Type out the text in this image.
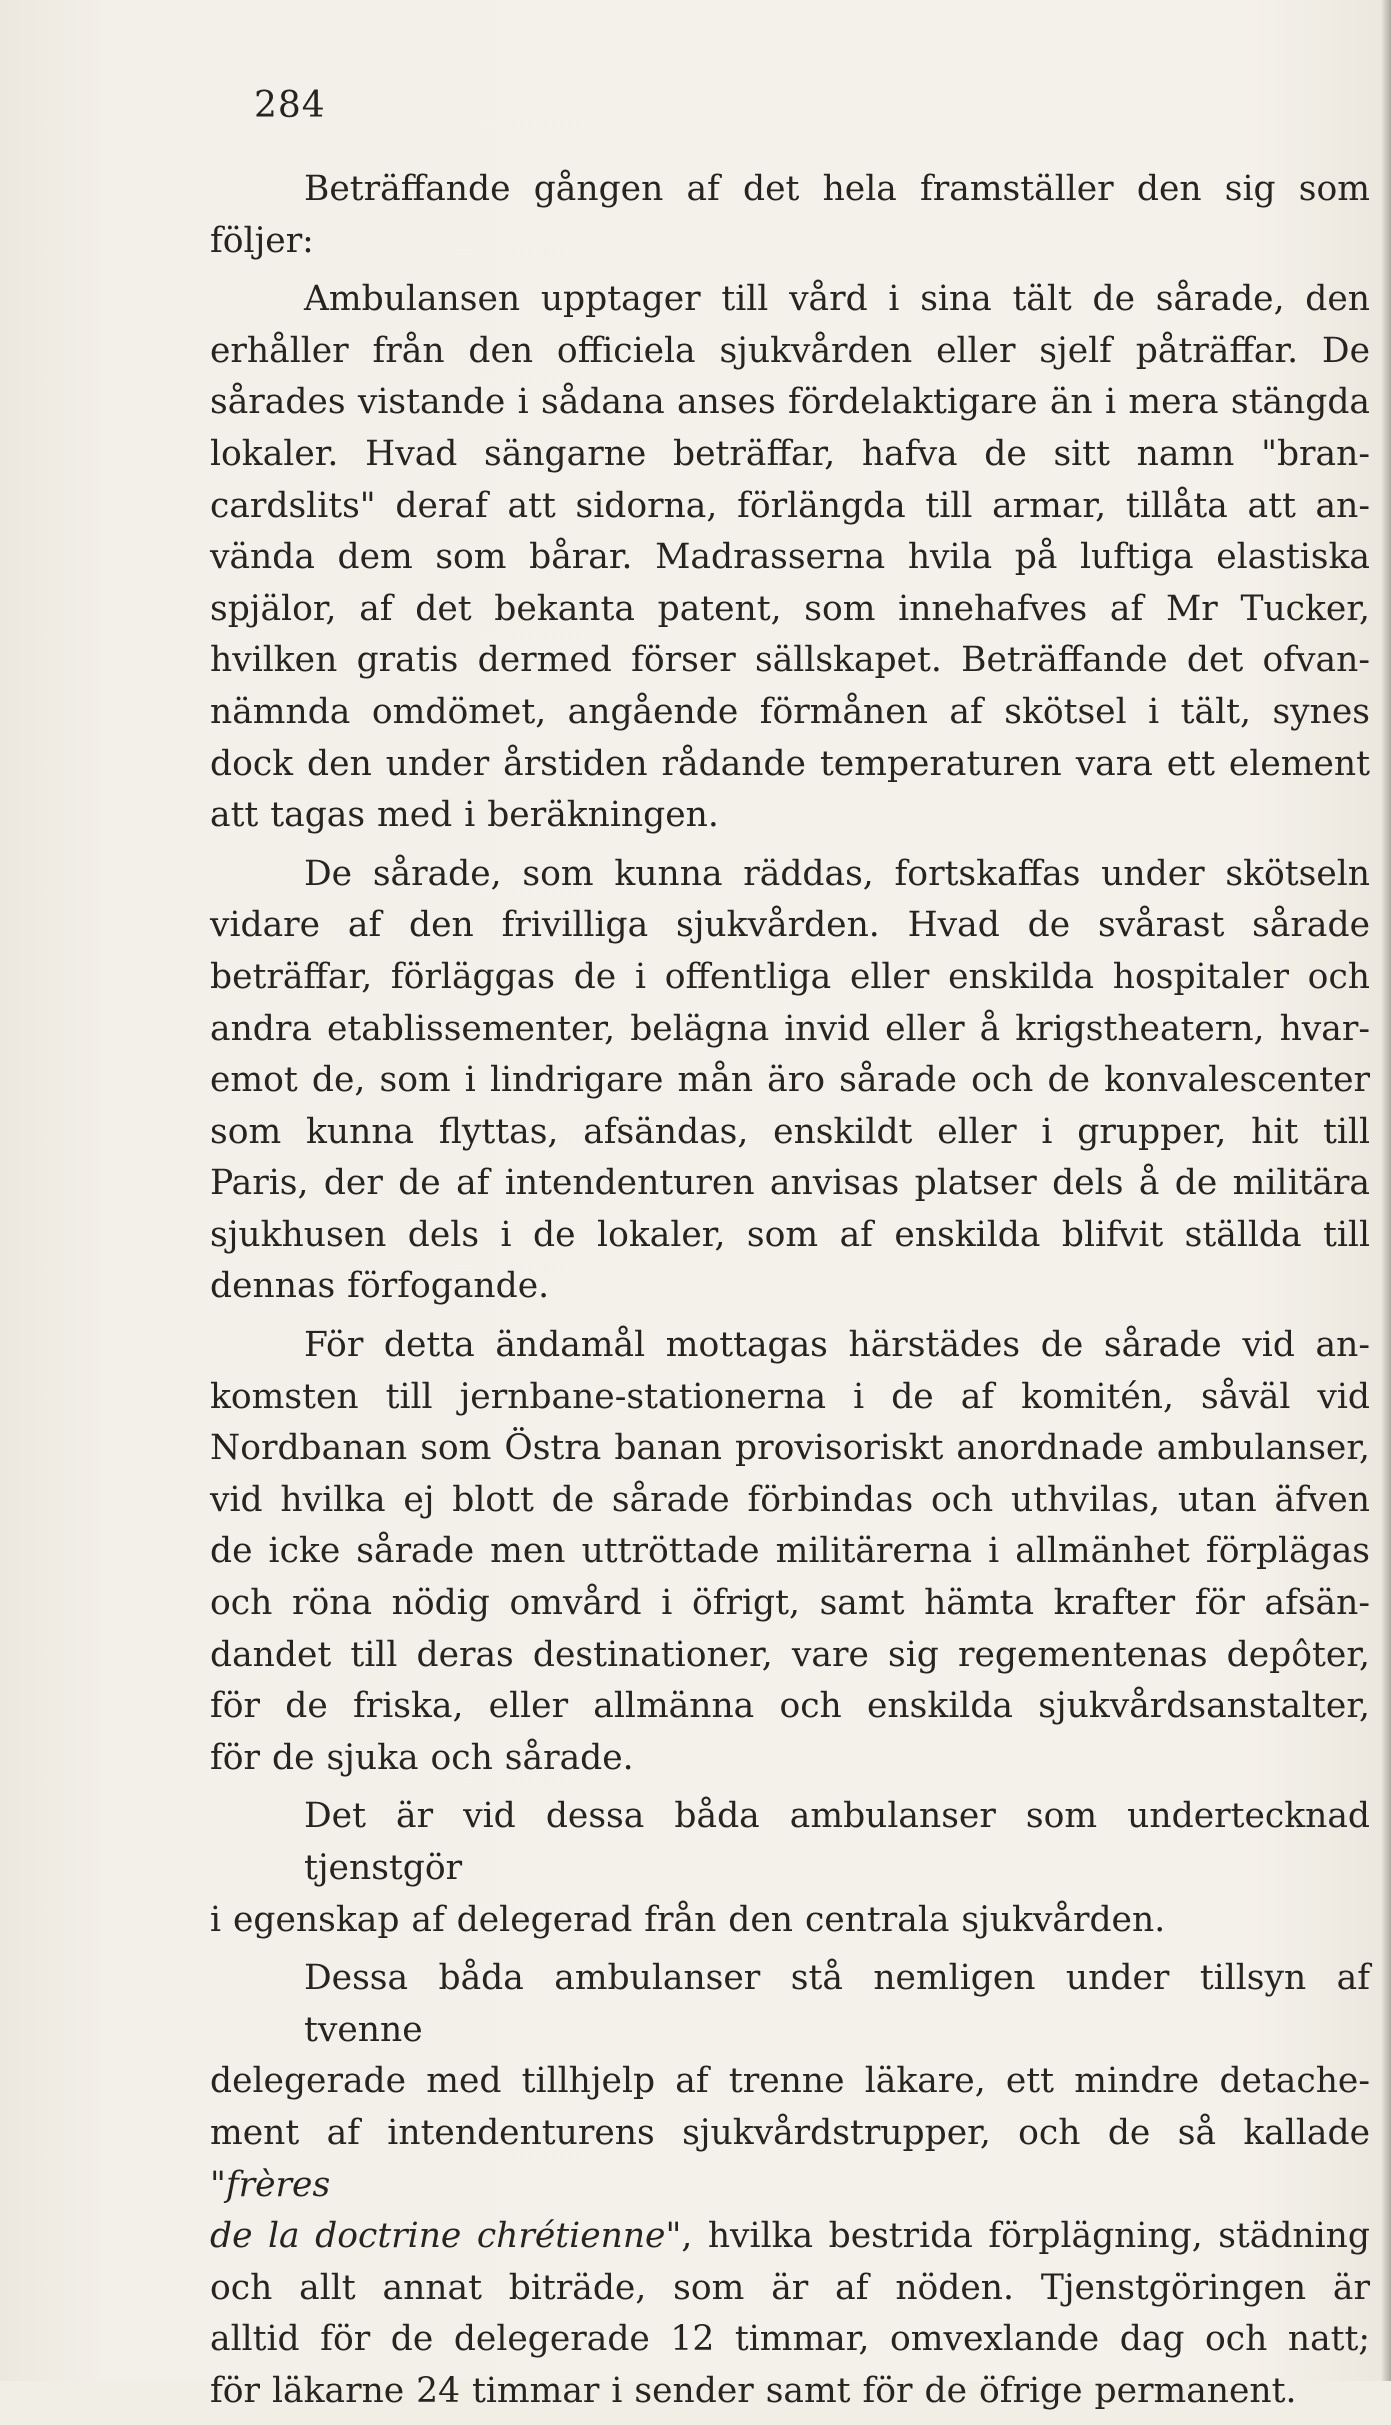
284

Beträffande gången af det hela framställer den sig som
följer:

Ambulansen upptager till vård i sina tält de sårade, den
erhåller från den officiela sjukvården eller sjelf påträffar. De
sårades vistande i sådana anses fördelaktigare än i mera stängda
lokaler. Hvad sängarne beträffar, hafva de sitt namn "bran-
cardslits" deraf att sidorna, förlängda till armar, tillåta att an-
vända dem som bårar. Madrasserna hvila på luftiga elastiska
spjälor, af det bekanta patent, som innehafves af Mr Tucker,
hvilken gratis dermed förser sällskapet. Beträffande det ofvan-
nämnda omdömet, angående förmånen af skötsel i tält, synes
dock den under årstiden rådande temperaturen vara ett element
att tagas med i beräkningen.

De sårade, som kunna räddas, fortskaffas under skötseln
vidare af den frivilliga sjukvården. Hvad de svårast sårade
beträffar, förläggas de i offentliga eller enskilda hospitaler och
andra etablissementer, belägna invid eller å krigstheatern, hvar-
emot de, som i lindrigare mån äro sårade och de konvalescenter
som kunna flyttas, afsändas, enskildt eller i grupper, hit till
Paris, der de af intendenturen anvisas platser dels å de militära
sjukhusen dels i de lokaler, som af enskilda blifvit ställda till
dennas förfogande.

För detta ändamål mottagas härstädes de sårade vid an-
komsten till jernbane-stationerna i de af komitén, såväl vid
Nordbanan som Östra banan provisoriskt anordnade ambulanser,
vid hvilka ej blott de sårade förbindas och uthvilas, utan äfven
de icke sårade men uttröttade militärerna i allmänhet förplägas
och röna nödig omvård i öfrigt, samt hämta krafter för afsän-
dandet till deras destinationer, vare sig regementenas depôter,
för de friska, eller allmänna och enskilda sjukvårdsanstalter,
för de sjuka och sårade.

Det är vid dessa båda ambulanser som undertecknad tjenstgör
i egenskap af delegerad från den centrala sjukvården.

Dessa båda ambulanser stå nemligen under tillsyn af tvenne
delegerade med tillhjelp af trenne läkare, ett mindre detache-
ment af intendenturens sjukvårdstrupper, och de så kallade "frères
de la doctrine chrétienne", hvilka bestrida förplägning, städning
och allt annat biträde, som är af nöden. Tjenstgöringen är
alltid för de delegerade 12 timmar, omvexlande dag och natt;
för läkarne 24 timmar i sender samt för de öfrige permanent.
